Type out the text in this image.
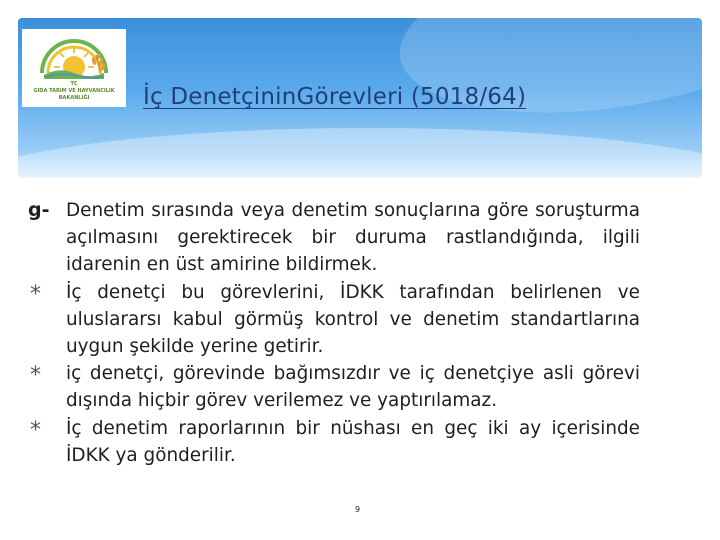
TC
GIDA TARIM VE HAYVANCILIK
BAKANLIĞI	İç DenetçininGörevleri (5018/64)
g- Denetim sırasında veya denetim sonuçlarına göre soruşturma açılmasını gerektirecek bir duruma rastlandığında, ilgili idarenin en üst amirine bildirmek.
* İç denetçi bu görevlerini, İDKK tarafından belirlenen ve uluslararsı kabul görmüş kontrol ve denetim standartlarına uygun şekilde yerine getirir.
* iç denetçi, görevinde bağımsızdır ve iç denetçiye asli görevi dışında hiçbir görev verilemez ve yaptırılamaz.
* İç denetim raporlarının bir nüshası en geç iki ay içerisinde İDKK ya gönderilir.
9
